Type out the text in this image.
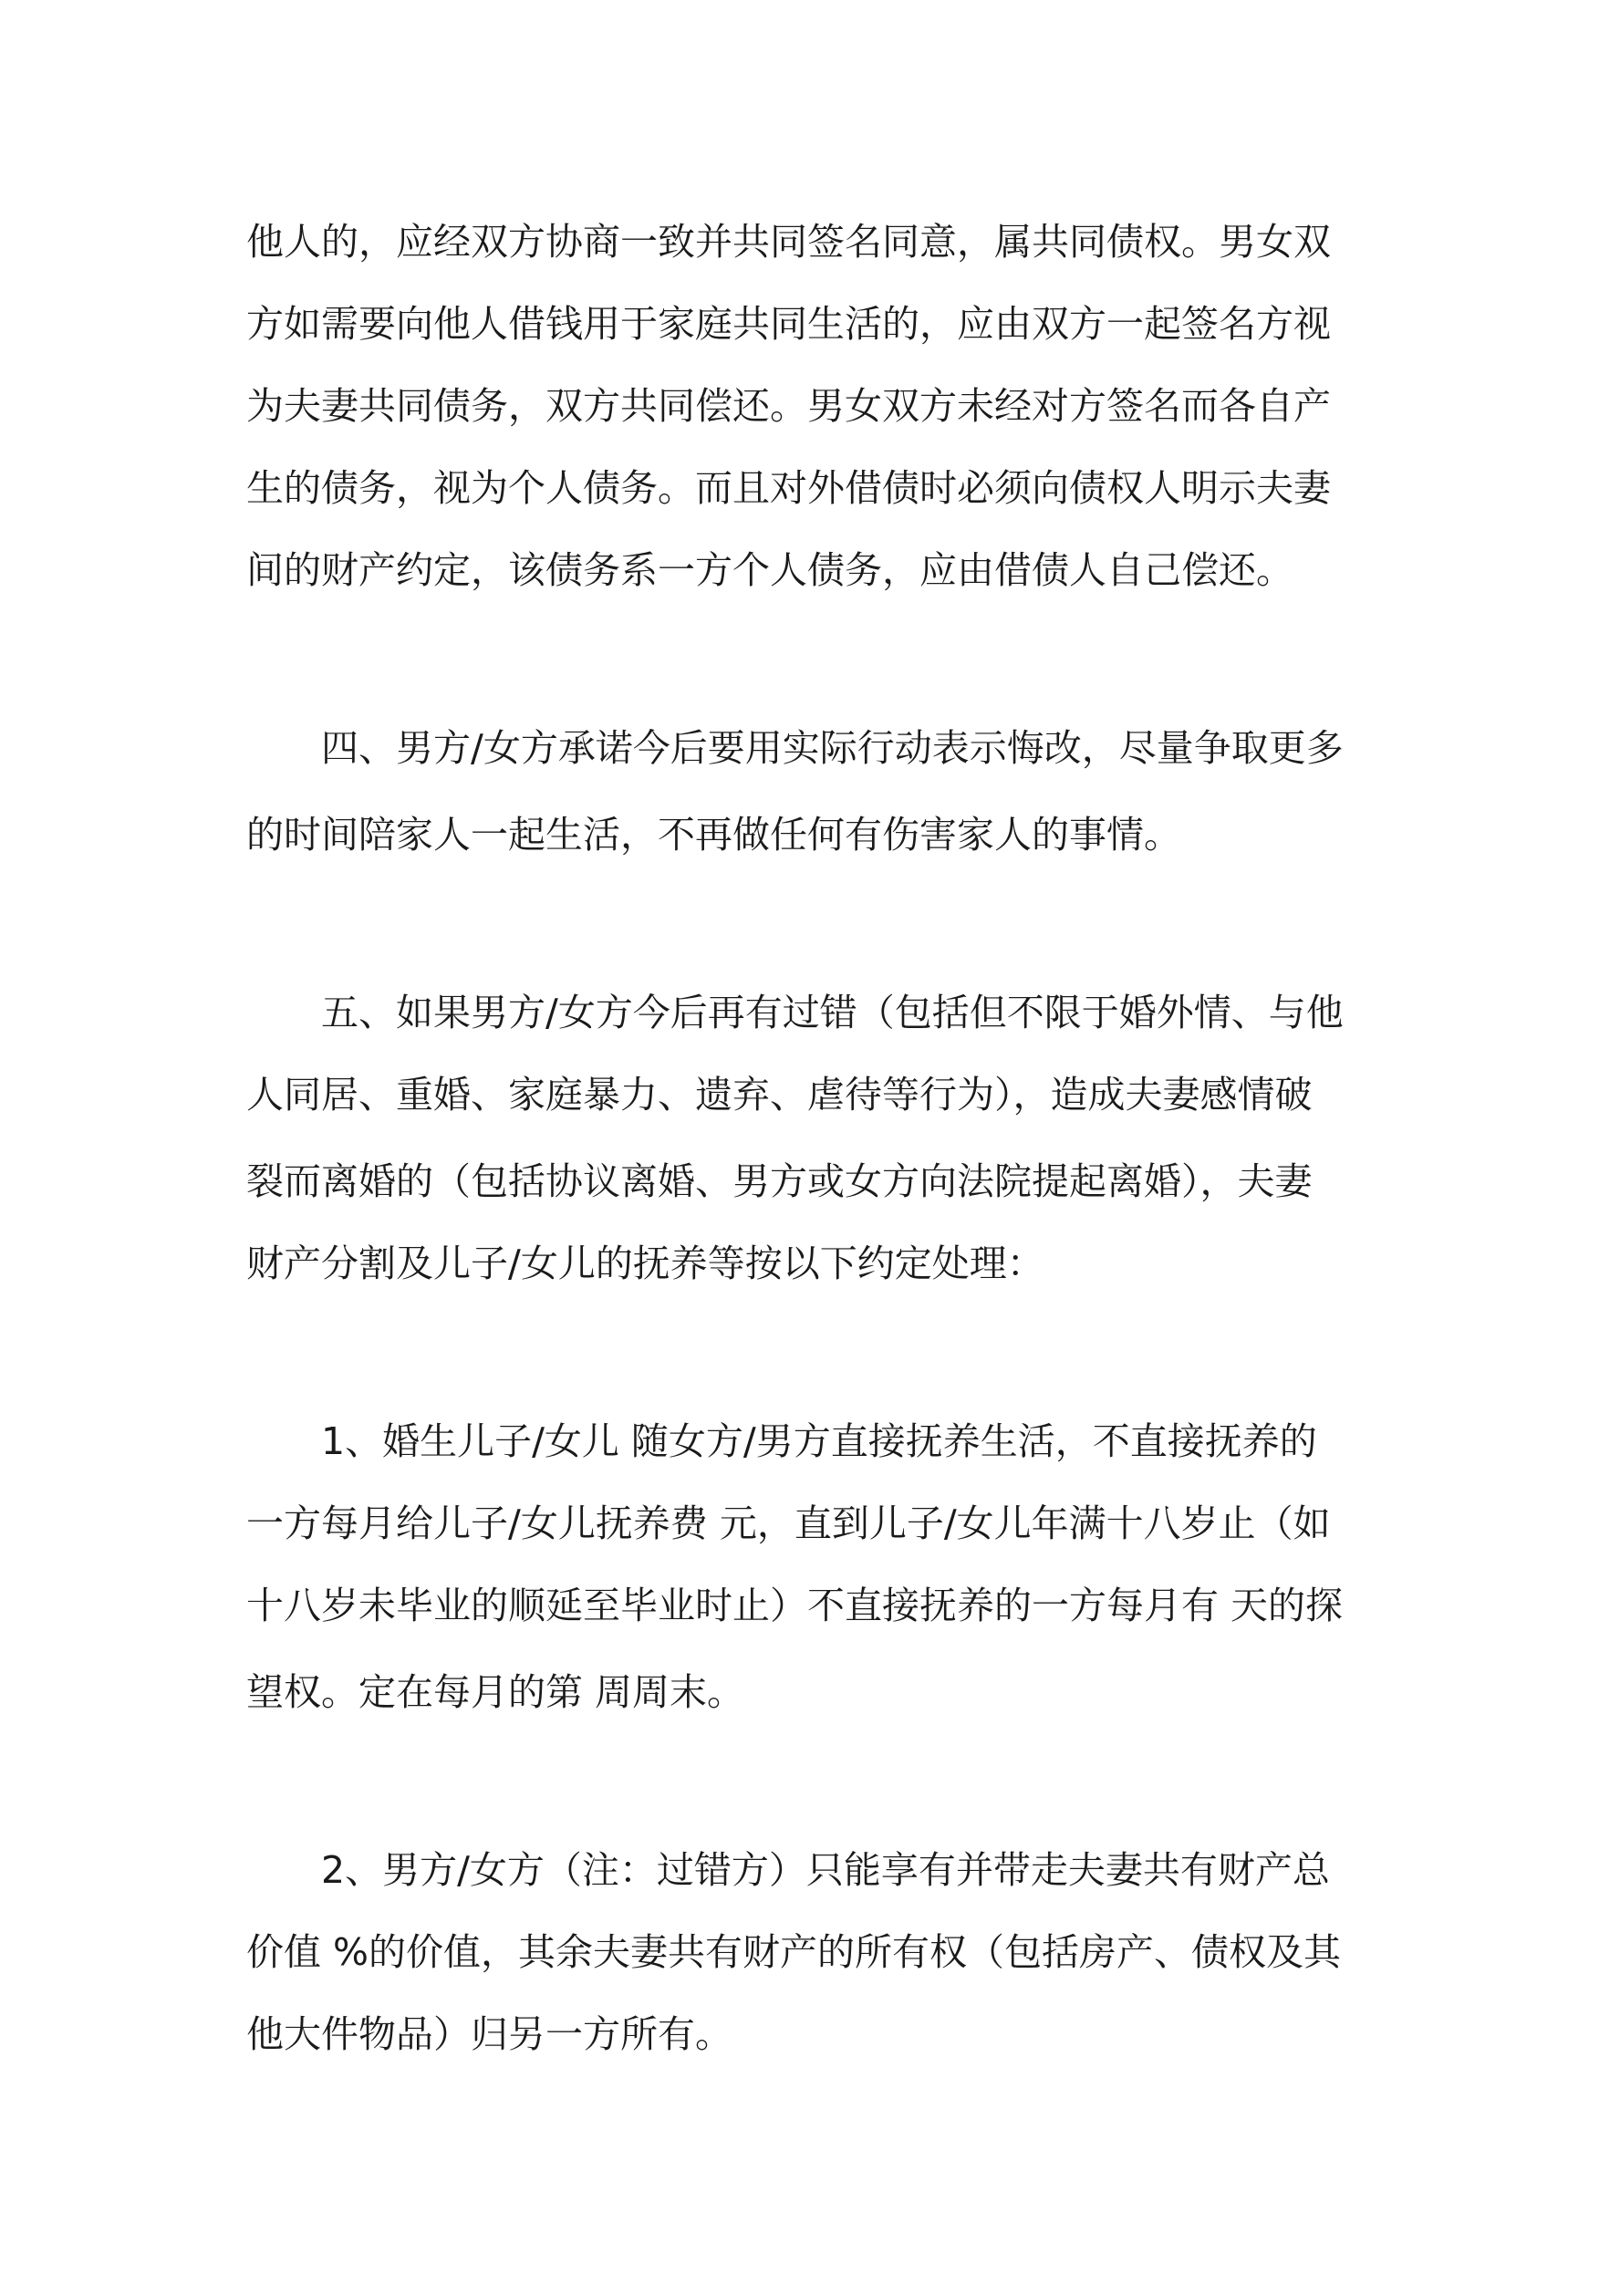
他人的，应经双方协商一致并共同签名同意，属共同债权。男女双
方如需要向他人借钱用于家庭共同生活的，应由双方一起签名方视
为夫妻共同债务，双方共同偿还。男女双方未经对方签名而各自产
生的债务，视为个人债务。而且对外借债时必须向债权人明示夫妻
间的财产约定，该债务系一方个人债务，应由借债人自己偿还。
　　四、男方/女方承诺今后要用实际行动表示悔改，尽量争取更多
的时间陪家人一起生活，不再做任何有伤害家人的事情。
　　五、如果男方/女方今后再有过错（包括但不限于婚外情、与他
人同居、重婚、家庭暴力、遗弃、虐待等行为），造成夫妻感情破
裂而离婚的（包括协议离婚、男方或女方向法院提起离婚），夫妻
财产分割及儿子/女儿的抚养等按以下约定处理：
　　1、婚生儿子/女儿 随女方/男方直接抚养生活，不直接抚养的
一方每月给儿子/女儿抚养费 元，直到儿子/女儿年满十八岁止（如
十八岁未毕业的顺延至毕业时止）不直接抚养的一方每月有 天的探
望权。定在每月的第 周周末。
　　2、男方/女方（注：过错方）只能享有并带走夫妻共有财产总
价值 %的价值，其余夫妻共有财产的所有权（包括房产、债权及其
他大件物品）归另一方所有。
